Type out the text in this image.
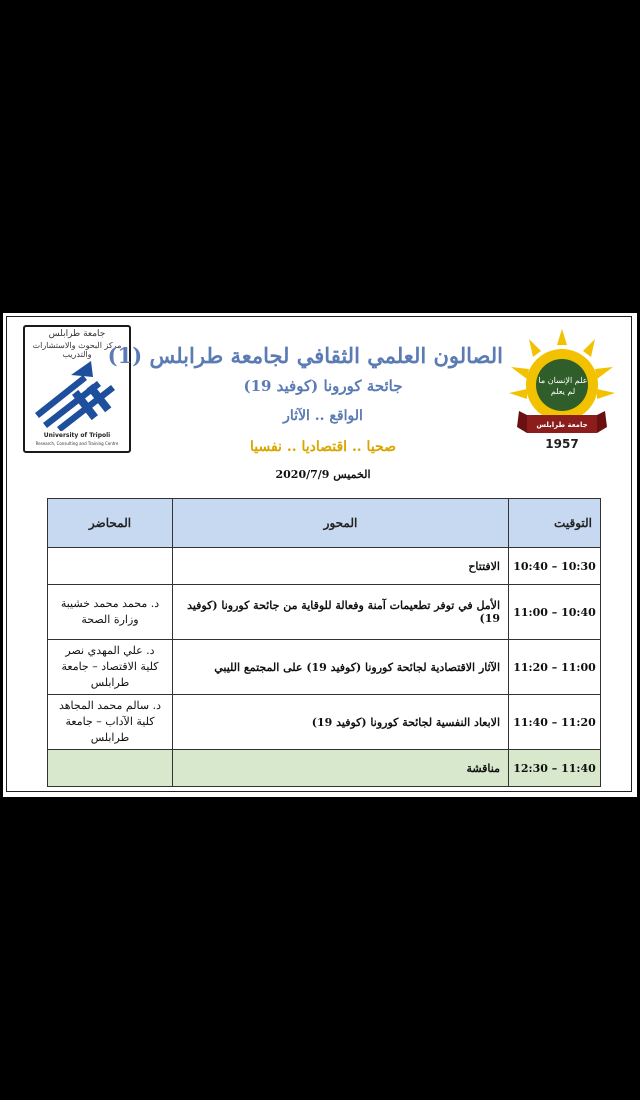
جامعة طرابلس
مركز البحوث والاستشارات والتدريب
University of Tripoli
Research, Consulting and Training Centre
علم الإنسان ما لم يعلم
جامعة طرابلس
1957
الصالون العلمي الثقافي لجامعة طرابلس (1)
جائحة كورونا (كوفيد 19)
الواقع .. الآثار
صحيا .. اقتصاديا .. نفسيا
الخميس 2020/7/9
التوقيت	المحور	المحاضر
10:30 – 10:40	الافتتاح	

10:40 – 11:00	الأمل في توفر تطعيمات آمنة وفعالة للوقاية من جائحة كورونا (كوفيد 19)	د. محمد محمد خشيبة
وزارة الصحة

11:00 – 11:20	الآثار الاقتصادية لجائحة كورونا (كوفيد 19) على المجتمع الليبي	د. علي المهدي نصر
كلية الاقتصاد – جامعة طرابلس

11:20 – 11:40	الابعاد النفسية لجائحة كورونا (كوفيد 19)	د. سالم محمد المجاهد
كلية الآداب – جامعة طرابلس

11:40 – 12:30	مناقشة	
